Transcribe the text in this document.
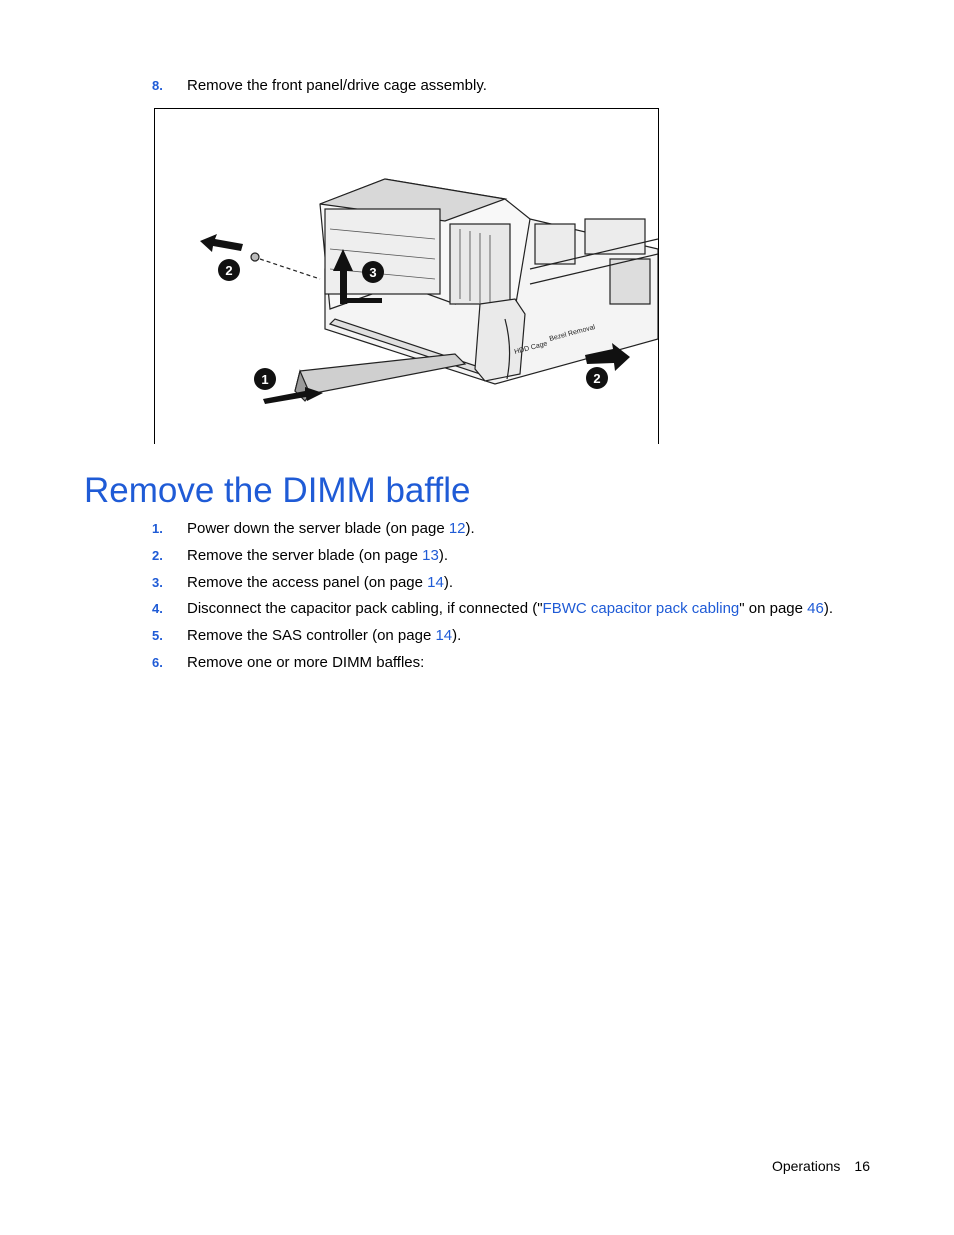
8. Remove the front panel/drive cage assembly.
HDD Cage
Bezel Removal
1
2	3
2
Remove the DIMM baffle
1. Power down the server blade (on page 12).
2. Remove the server blade (on page 13).
3. Remove the access panel (on page 14).
4. Disconnect the capacitor pack cabling, if connected ("FBWC capacitor pack cabling" on page 46).
5. Remove the SAS controller (on page 14).
6. Remove one or more DIMM baffles:
Operations 16
